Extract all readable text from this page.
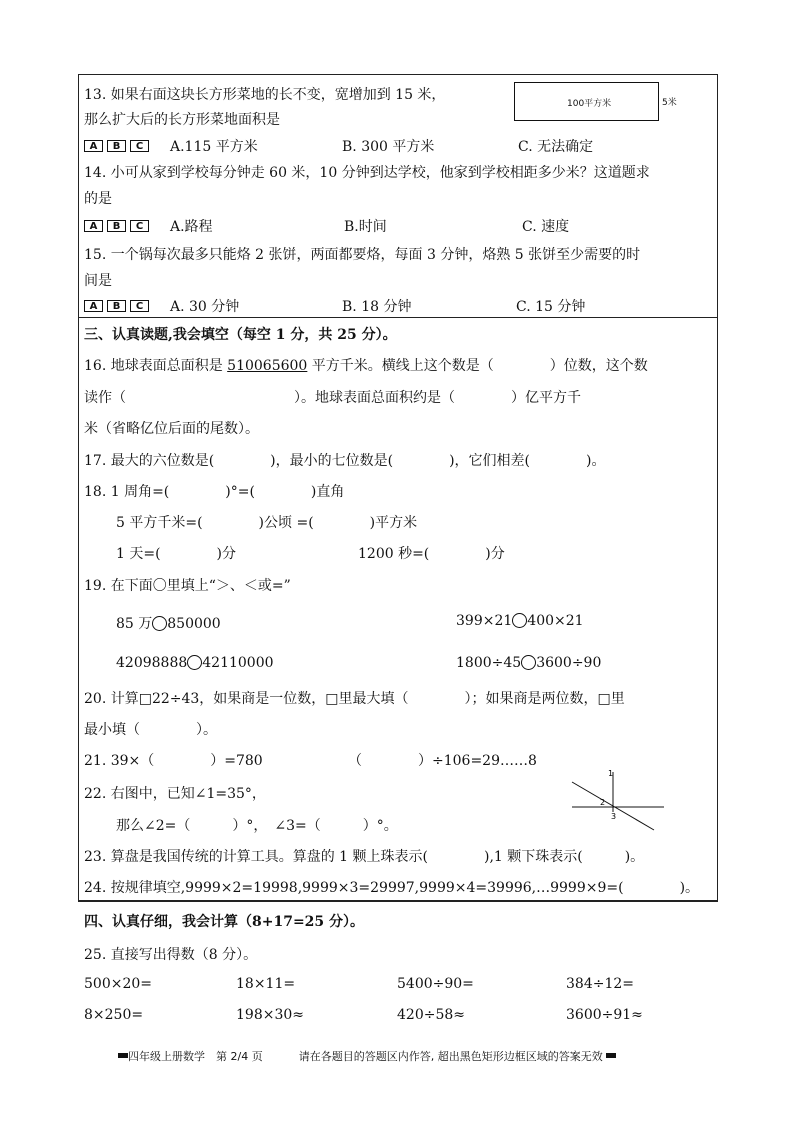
13. 如果右面这块长方形菜地的长不变，宽增加到 15 米，
那么扩大后的长方形菜地面积是
100平方米	5米
A B C	A.115 平方米	B. 300 平方米	C. 无法确定
14. 小可从家到学校每分钟走 60 米，10 分钟到达学校，他家到学校相距多少米？这道题求
的是
A B C	A.路程	B.时间	C. 速度
15. 一个锅每次最多只能烙 2 张饼，两面都要烙，每面 3 分钟，烙熟 5 张饼至少需要的时
间是
A B C	A. 30 分钟	B. 18 分钟	C. 15 分钟
三、认真读题,我会填空（每空 1 分，共 25 分）。
16. 地球表面总面积是 510065600 平方千米。横线上这个数是（　　　　）位数，这个数
读作（　　　　　　　　　　　　）。地球表面总面积约是（　　　　）亿平方千
米（省略亿位后面的尾数）。
17. 最大的六位数是(　　　　)，最小的七位数是(　　　　)，它们相差(　　　　)。
18. 1 周角=(　　　　)°=(　　　　)直角
5 平方千米=(　　　　)公顷 =(　　　　)平方米
1 天=(　　　　)分	1200 秒=(　　　　)分
19. 在下面〇里填上“＞、＜或=”
85 万 850000	399×21 400×21
42098888 42110000	1800÷45 3600÷90
20. 计算□22÷43，如果商是一位数，□里最大填（　　　　）；如果商是两位数，□里
最小填（　　　　）。
21. 39×（　　　　）=780	（　　　　）÷106=29……8
22. 右图中，已知∠1=35°，
那么∠2=（　　　）°，　∠3=（　　　）°。
1
2
3
23. 算盘是我国传统的计算工具。算盘的 1 颗上珠表示(　　　　),1 颗下珠表示(　　　)。
24. 按规律填空,9999×2=19998,9999×3=29997,9999×4=39996,…9999×9=(　　　　)。
四、认真仔细，我会计算（8+17=25 分）。
25. 直接写出得数（8 分）。
500×20=	18×11=	5400÷90=	384÷12=
8×250=	198×30≈	420÷58≈	3600÷91≈
四年级上册数学　第 2/4 页	请在各题目的答题区内作答, 超出黑色矩形边框区域的答案无效
